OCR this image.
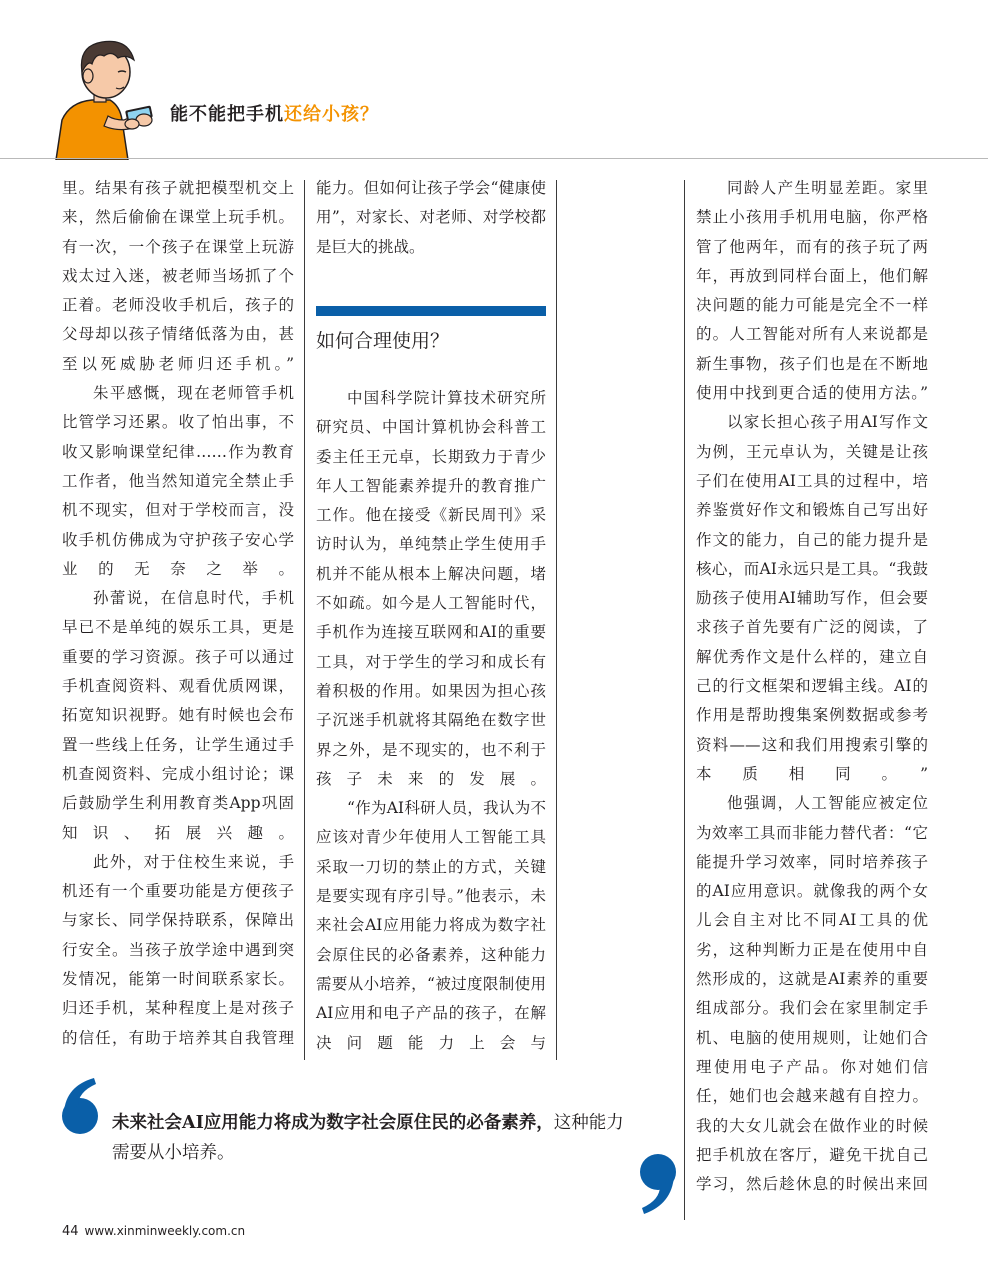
能不能把手机还给小孩？

里。结果有孩子就把模型机交上来，然后偷偷在课堂上玩手机。有一次，一个孩子在课堂上玩游戏太过入迷，被老师当场抓了个正着。老师没收手机后，孩子的父母却以孩子情绪低落为由，甚至以死威胁老师归还手机。”

朱平感慨，现在老师管手机比管学习还累。收了怕出事，不收又影响课堂纪律……作为教育工作者，他当然知道完全禁止手机不现实，但对于学校而言，没收手机仿佛成为守护孩子安心学业的无奈之举。

孙蕾说，在信息时代，手机早已不是单纯的娱乐工具，更是重要的学习资源。孩子可以通过手机查阅资料、观看优质网课，拓宽知识视野。她有时候也会布置一些线上任务，让学生通过手机查阅资料、完成小组讨论；课后鼓励学生利用教育类App巩固知识、拓展兴趣。

此外，对于住校生来说，手机还有一个重要功能是方便孩子与家长、同学保持联系，保障出行安全。当孩子放学途中遇到突发情况，能第一时间联系家长。归还手机，某种程度上是对孩子的信任，有助于培养其自我管理

能力。但如何让孩子学会“健康使用”，对家长、对老师、对学校都是巨大的挑战。

如何合理使用？

中国科学院计算技术研究所研究员、中国计算机协会科普工委主任王元卓，长期致力于青少年人工智能素养提升的教育推广工作。他在接受《新民周刊》采访时认为，单纯禁止学生使用手机并不能从根本上解决问题，堵不如疏。如今是人工智能时代，手机作为连接互联网和AI的重要工具，对于学生的学习和成长有着积极的作用。如果因为担心孩子沉迷手机就将其隔绝在数字世界之外，是不现实的，也不利于孩子未来的发展。

“作为AI科研人员，我认为不应该对青少年使用人工智能工具采取一刀切的禁止的方式，关键是要实现有序引导。”他表示，未来社会AI应用能力将成为数字社会原住民的必备素养，这种能力需要从小培养，“被过度限制使用AI应用和电子产品的孩子，在解决问题能力上会与

同龄人产生明显差距。家里禁止小孩用手机用电脑，你严格管了他两年，而有的孩子玩了两年，再放到同样台面上，他们解决问题的能力可能是完全不一样的。人工智能对所有人来说都是新生事物，孩子们也是在不断地使用中找到更合适的使用方法。”

以家长担心孩子用AI写作文为例，王元卓认为，关键是让孩子们在使用AI工具的过程中，培养鉴赏好作文和锻炼自己写出好作文的能力，自己的能力提升是核心，而AI永远只是工具。“我鼓励孩子使用AI辅助写作，但会要求孩子首先要有广泛的阅读，了解优秀作文是什么样的，建立自己的行文框架和逻辑主线。AI的作用是帮助搜集案例数据或参考资料——这和我们用搜索引擎的本质相同。”

他强调，人工智能应被定位为效率工具而非能力替代者：“它能提升学习效率，同时培养孩子的AI应用意识。就像我的两个女儿会自主对比不同AI工具的优劣，这种判断力正是在使用中自然形成的，这就是AI素养的重要组成部分。我们会在家里制定手机、电脑的使用规则，让她们合理使用电子产品。你对她们信任，她们也会越来越有自控力。我的大女儿就会在做作业的时候把手机放在客厅，避免干扰自己学习，然后趁休息的时候出来回

未来社会AI应用能力将成为数字社会原住民的必备素养，这种能力需要从小培养。
44 www.xinminweekly.com.cn
